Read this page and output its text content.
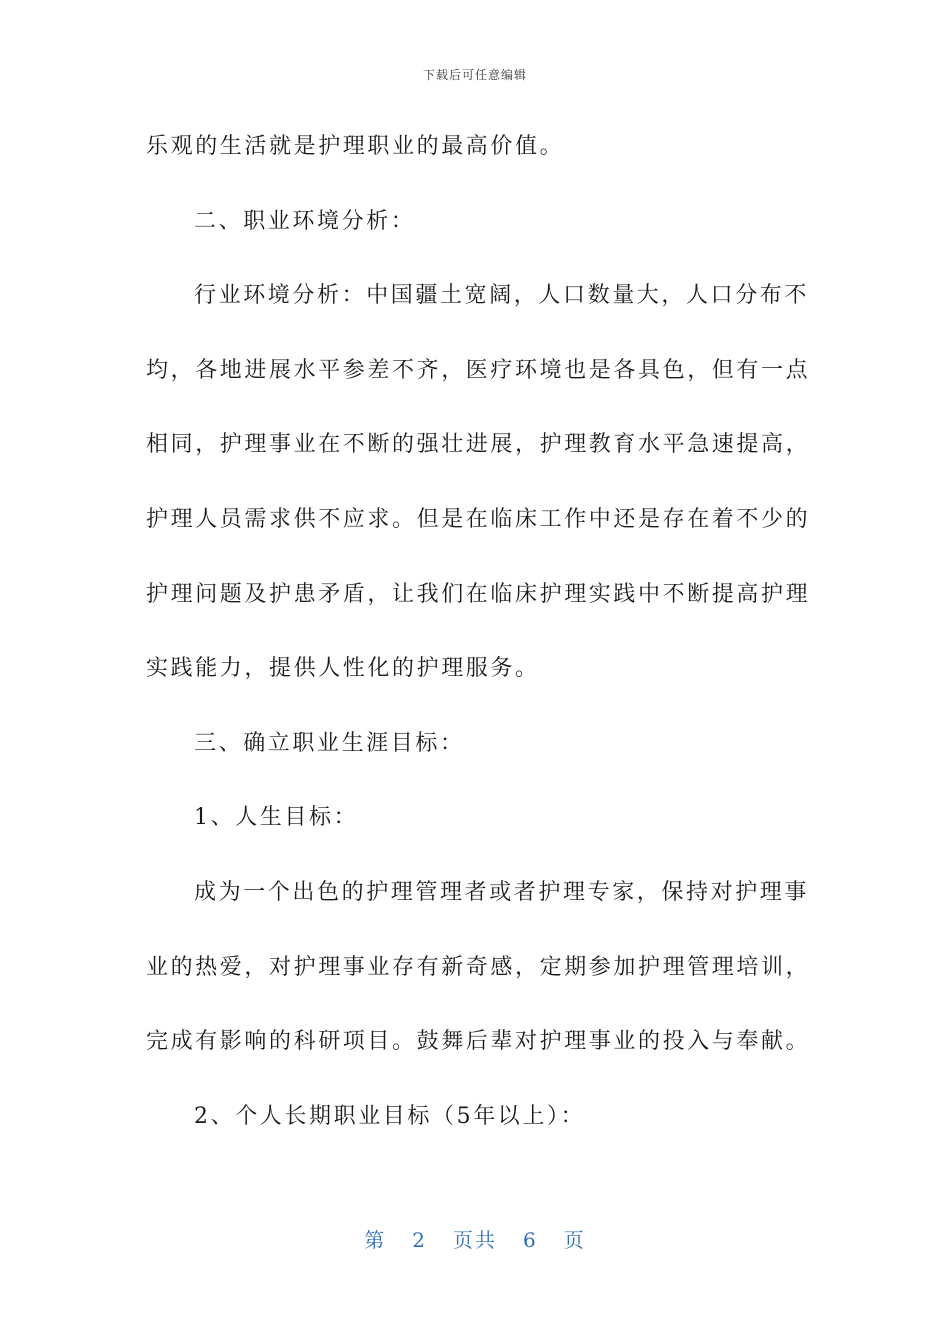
下载后可任意编辑
乐观的生活就是护理职业的最高价值。
二、职业环境分析：
行业环境分析：中国疆土宽阔，人口数量大，人口分布不
均，各地进展水平参差不齐，医疗环境也是各具色，但有一点
相同，护理事业在不断的强壮进展，护理教育水平急速提高，
护理人员需求供不应求。但是在临床工作中还是存在着不少的
护理问题及护患矛盾，让我们在临床护理实践中不断提高护理
实践能力，提供人性化的护理服务。
三、确立职业生涯目标：
1、人生目标：
成为一个出色的护理管理者或者护理专家，保持对护理事
业的热爱，对护理事业存有新奇感，定期参加护理管理培训，
完成有影响的科研项目。鼓舞后辈对护理事业的投入与奉献。
2、个人长期职业目标（5年以上）：
第 2 页共 6 页
